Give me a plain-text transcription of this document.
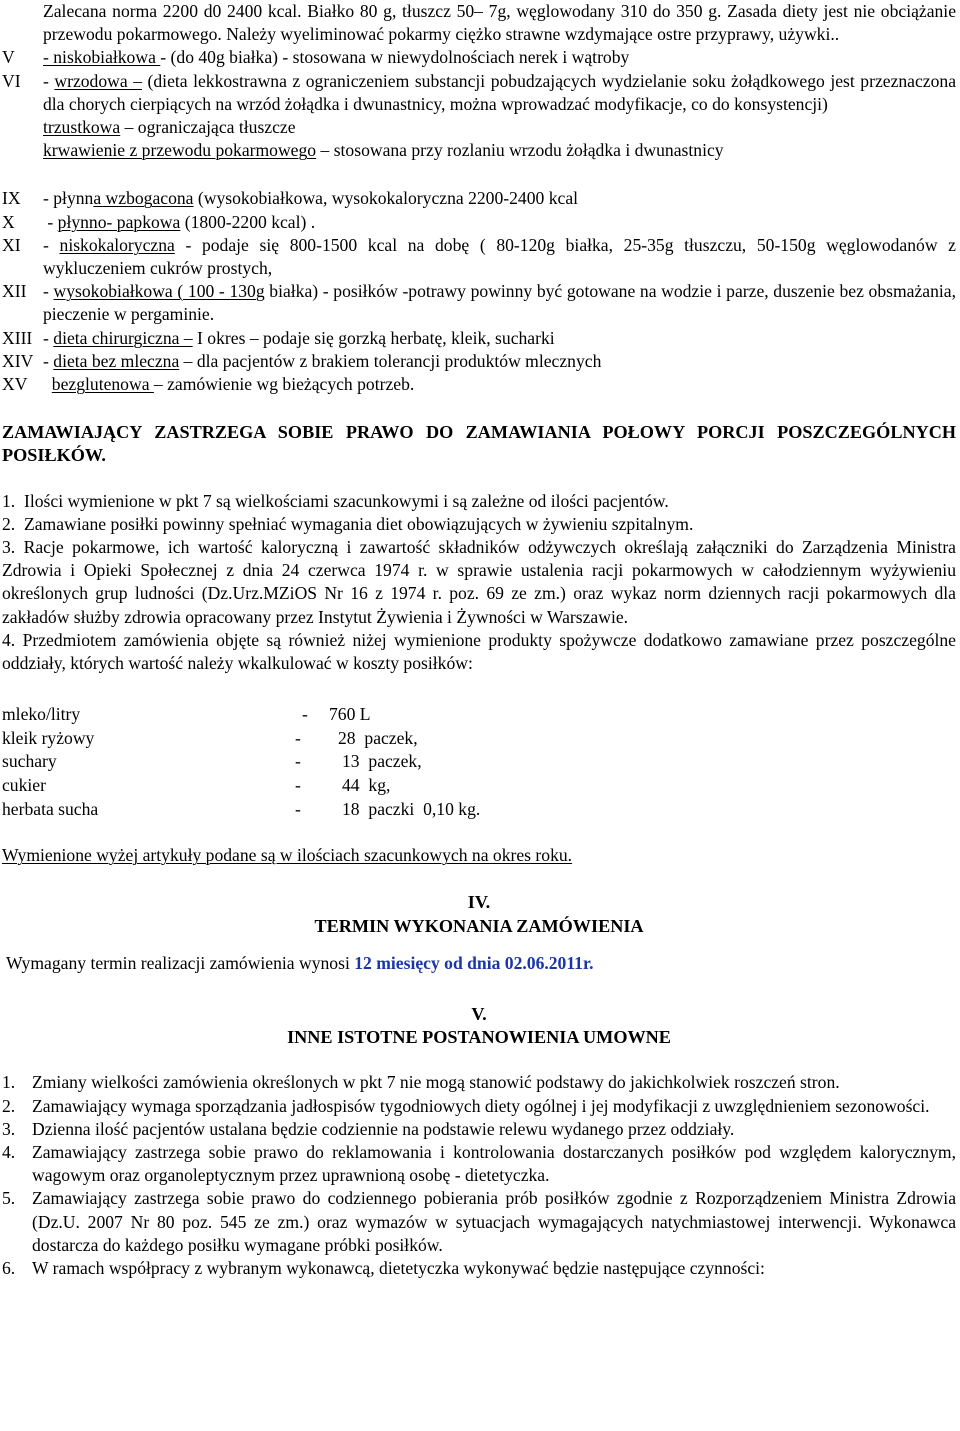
Zalecana norma 2200 d0 2400 kcal. Białko 80 g, tłuszcz 50– 7g, węglowodany 310 do 350 g. Zasada diety jest nie obciążanie przewodu pokarmowego. Należy wyeliminować pokarmy ciężko strawne wzdymające ostre przyprawy, używki..
V - niskobiałkowa - (do 40g białka) - stosowana w niewydolnościach nerek i wątroby
VI - wrzodowa – (dieta lekkostrawna z ograniczeniem substancji pobudzających wydzielanie soku żołądkowego jest przeznaczona dla chorych cierpiących na wrzód żołądka i dwunastnicy, można wprowadzać modyfikacje, co do konsystencji)
trzustkowa – ograniczająca tłuszcze
krwawienie z przewodu pokarmowego – stosowana przy rozlaniu wrzodu żołądka i dwunastnicy
IX - płynna wzbogacona (wysokobiałkowa, wysokokaloryczna 2200-2400 kcal
X - płynno- papkowa (1800-2200 kcal) .
XI - niskokaloryczna - podaje się 800-1500 kcal na dobę ( 80-120g białka, 25-35g tłuszczu, 50-150g węglowodanów z wykluczeniem cukrów prostych,
XII - wysokobiałkowa ( 100 - 130g białka) - posiłków -potrawy powinny być gotowane na wodzie i parze, duszenie bez obsmażania, pieczenie w pergaminie.
XIII - dieta chirurgiczna – I okres – podaje się gorzką herbatę, kleik, sucharki
XIV - dieta bez mleczna – dla pacjentów z brakiem tolerancji produktów mlecznych
XV bezglutenowa – zamówienie wg bieżących potrzeb.
ZAMAWIAJĄCY ZASTRZEGA SOBIE PRAWO DO ZAMAWIANIA POŁOWY PORCJI POSZCZEGÓLNYCH POSIŁKÓW.
1. Ilości wymienione w pkt 7 są wielkościami szacunkowymi i są zależne od ilości pacjentów.
2. Zamawiane posiłki powinny spełniać wymagania diet obowiązujących w żywieniu szpitalnym.
3. Racje pokarmowe, ich wartość kaloryczną i zawartość składników odżywczych określają załączniki do Zarządzenia Ministra Zdrowia i Opieki Społecznej z dnia 24 czerwca 1974 r. w sprawie ustalenia racji pokarmowych w całodziennym wyżywieniu określonych grup ludności (Dz.Urz.MZiOS Nr 16 z 1974 r. poz. 69 ze zm.) oraz wykaz norm dziennych racji pokarmowych dla zakładów służby zdrowia opracowany przez Instytut Żywienia i Żywności w Warszawie.
4. Przedmiotem zamówienia objęte są również niżej wymienione produkty spożywcze dodatkowo zamawiane przez poszczególne oddziały, których wartość należy wkalkulować w koszty posiłków:
mleko/litry	- 760 L
kleik ryżowy	- 28  paczek,
suchary	- 13  paczek,
cukier	- 44  kg,
herbata sucha	- 18  paczki  0,10 kg.
Wymienione wyżej artykuły podane są w ilościach szacunkowych na okres roku.
IV.
TERMIN WYKONANIA ZAMÓWIENIA
Wymagany termin realizacji zamówienia wynosi 12 miesięcy od dnia 02.06.2011r.
V.
INNE ISTOTNE POSTANOWIENIA UMOWNE
1. Zmiany wielkości zamówienia określonych w pkt 7 nie mogą stanowić podstawy do jakichkolwiek roszczeń stron.
2. Zamawiający wymaga sporządzania jadłospisów tygodniowych diety ogólnej i jej modyfikacji z uwzględnieniem sezonowości.
3. Dzienna ilość pacjentów ustalana będzie codziennie na podstawie relewu wydanego przez oddziały.
4. Zamawiający zastrzega sobie prawo do reklamowania i kontrolowania dostarczanych posiłków pod względem kalorycznym, wagowym oraz organoleptycznym przez uprawnioną osobę - dietetyczka.
5. Zamawiający zastrzega sobie prawo do codziennego pobierania prób posiłków zgodnie z Rozporządzeniem Ministra Zdrowia (Dz.U. 2007 Nr 80 poz. 545 ze zm.) oraz wymazów w sytuacjach wymagających natychmiastowej interwencji. Wykonawca dostarcza do każdego posiłku wymagane próbki posiłków.
6. W ramach współpracy z wybranym wykonawcą, dietetyczka wykonywać będzie następujące czynności:
